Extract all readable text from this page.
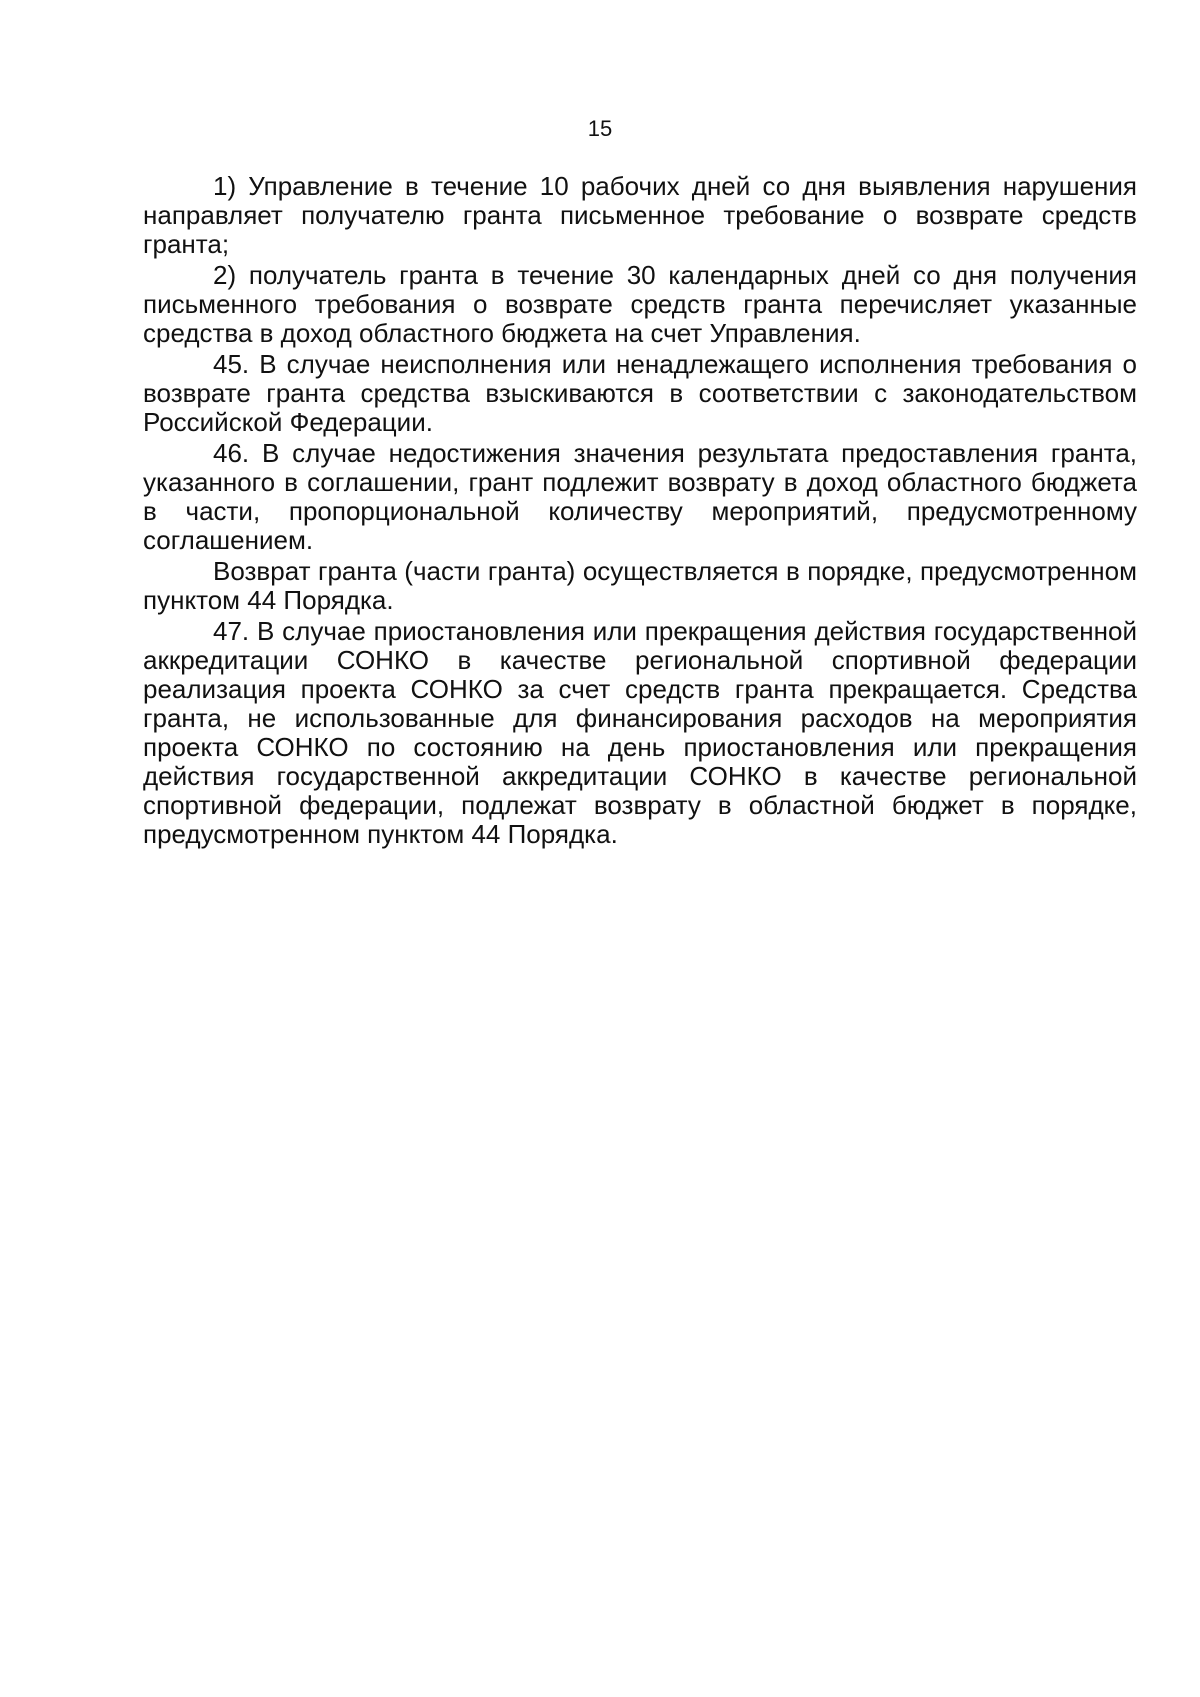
15

1) Управление в течение 10 рабочих дней со дня выявления нарушения направляет получателю гранта письменное требование о возврате средств гранта;

2) получатель гранта в течение 30 календарных дней со дня получения письменного требования о возврате средств гранта перечисляет указанные средства в доход областного бюджета на счет Управления.

45. В случае неисполнения или ненадлежащего исполнения требования о возврате гранта средства взыскиваются в соответствии с законодательством Российской Федерации.

46. В случае недостижения значения результата предоставления гранта, указанного в соглашении, грант подлежит возврату в доход областного бюджета в части, пропорциональной количеству мероприятий, предусмотренному соглашением.

Возврат гранта (части гранта) осуществляется в порядке, предусмотренном пунктом 44 Порядка.

47. В случае приостановления или прекращения действия государственной аккредитации СОНКО в качестве региональной спортивной федерации реализация проекта СОНКО за счет средств гранта прекращается. Средства гранта, не использованные для финансирования расходов на мероприятия проекта СОНКО по состоянию на день приостановления или прекращения действия государственной аккредитации СОНКО в качестве региональной спортивной федерации, подлежат возврату в областной бюджет в порядке, предусмотренном пунктом 44 Порядка.
